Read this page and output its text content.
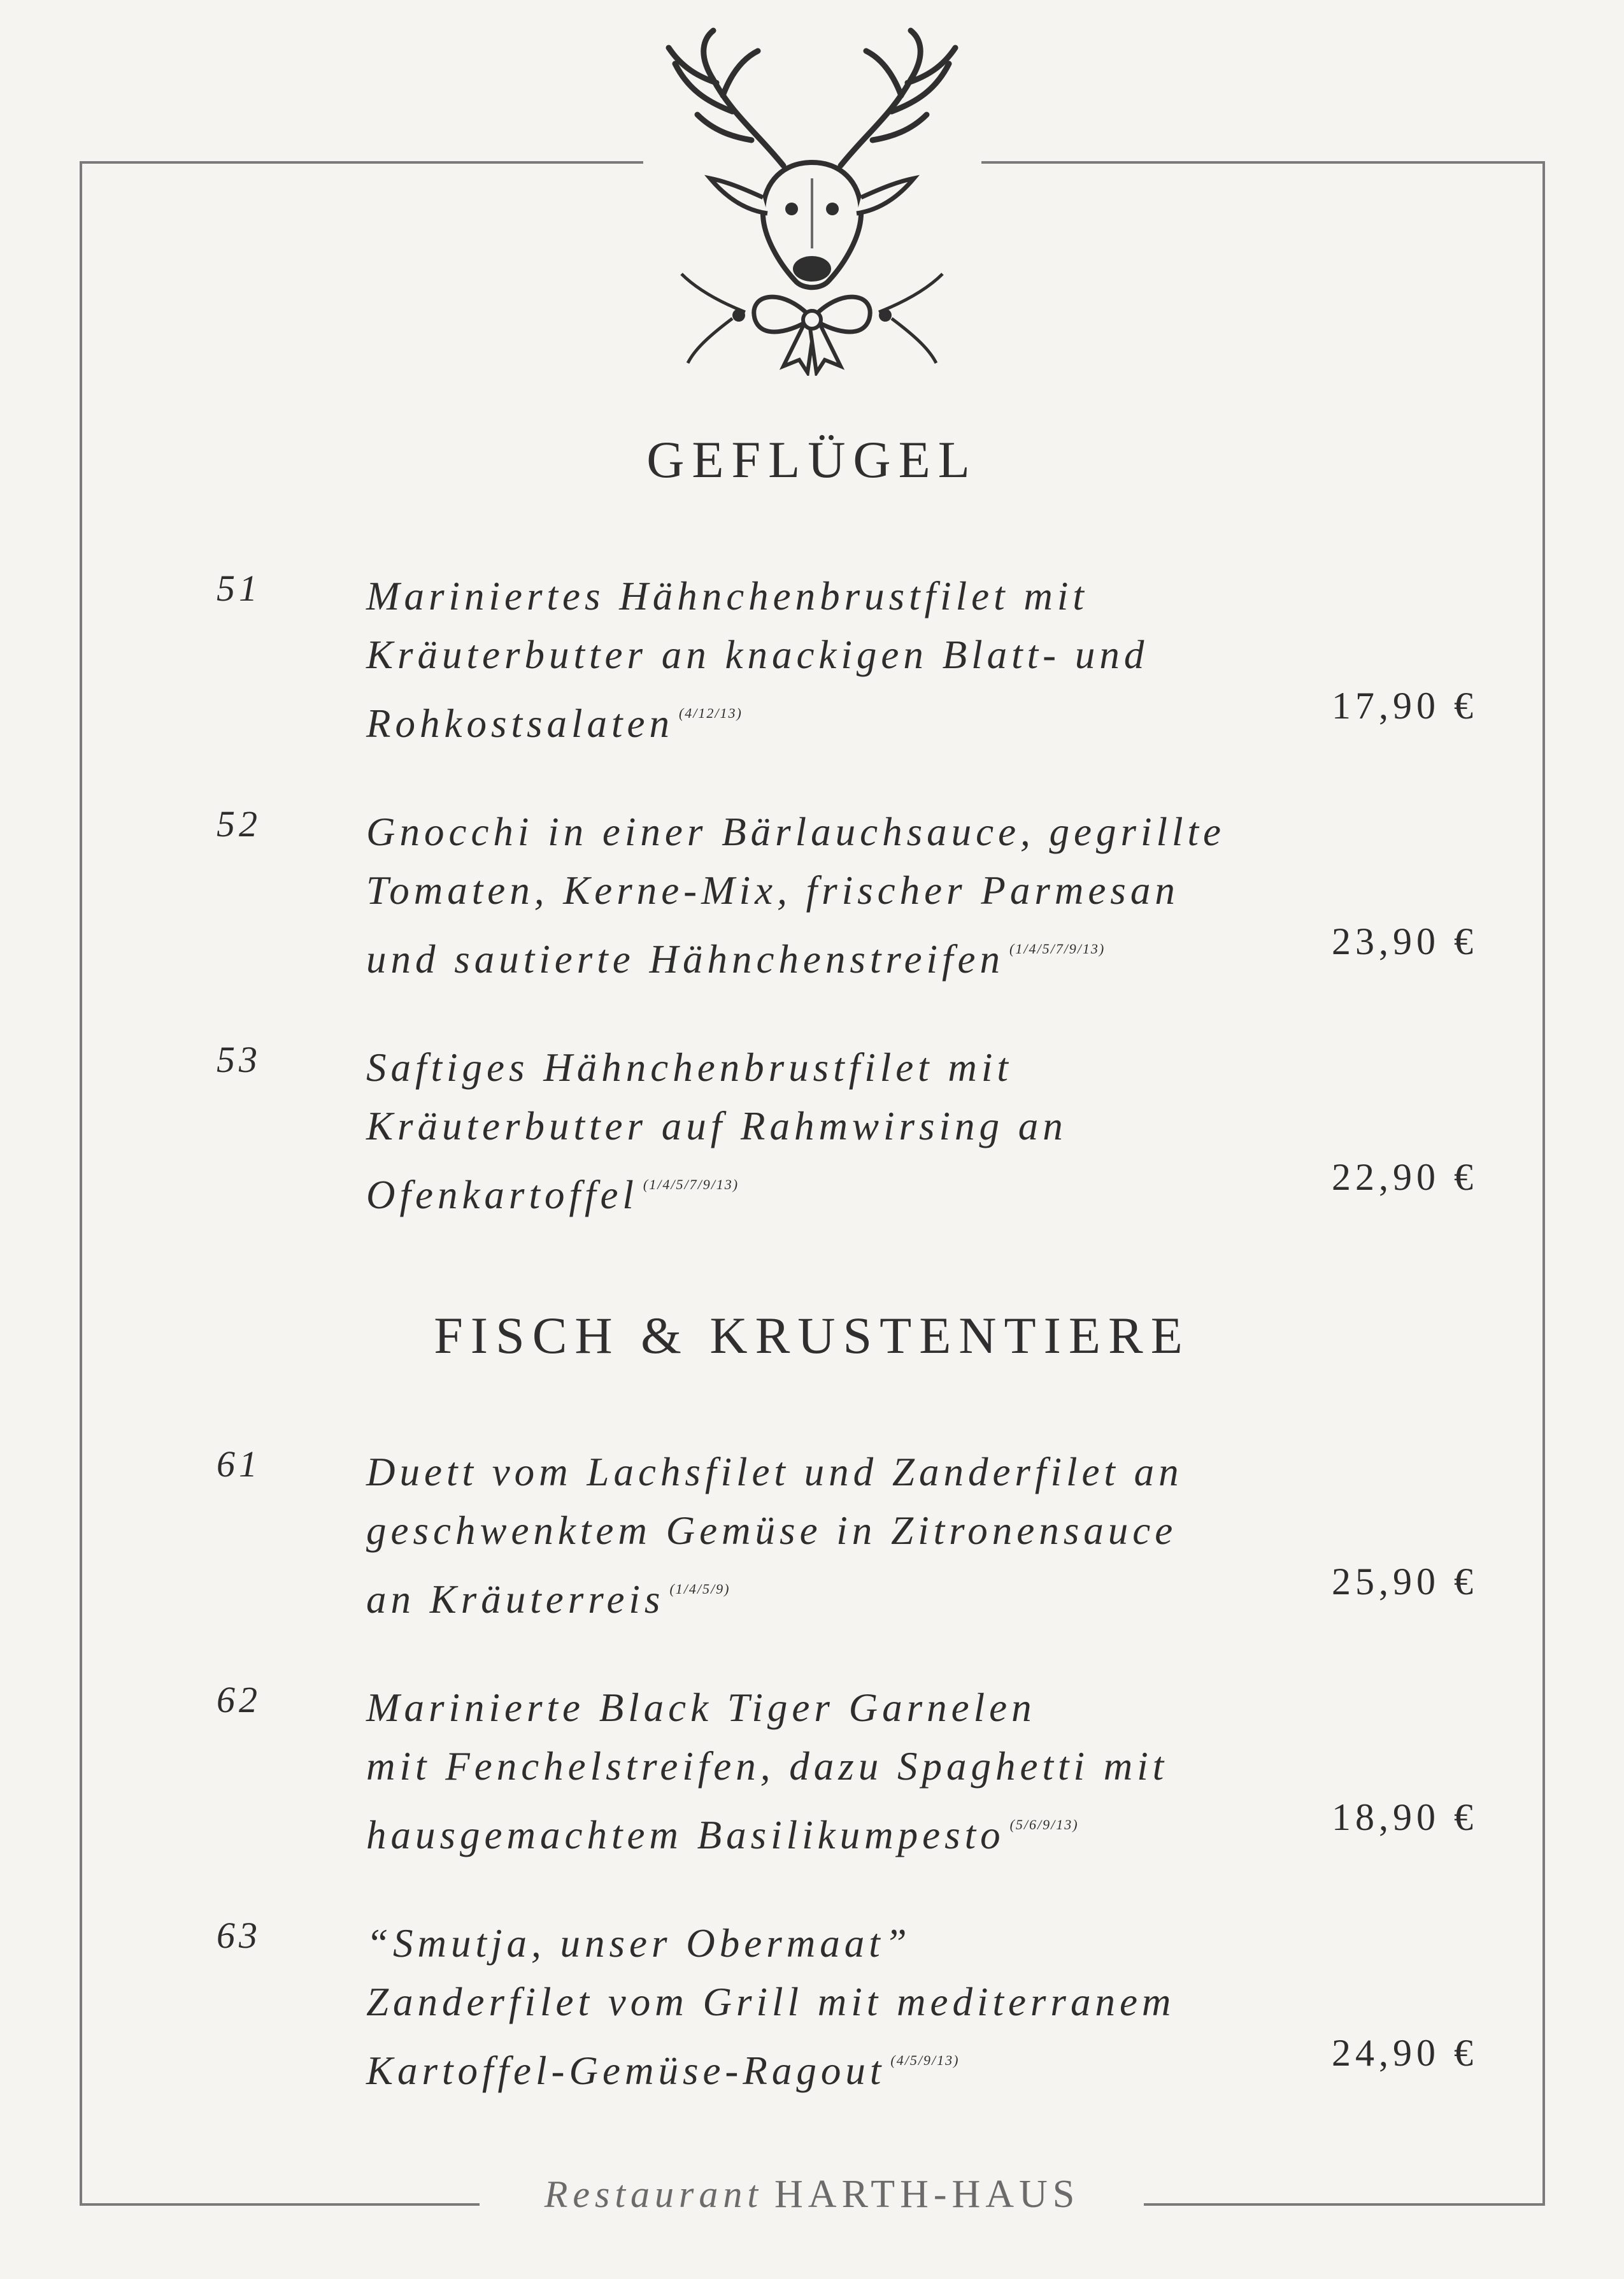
GEFLÜGEL
51	Mariniertes Hähnchenbrustfilet mit
Kräuterbutter an knackigen Blatt- und
Rohkostsalaten $^{(4/12/13)}$	17,90 €
52	Gnocchi in einer Bärlauchsauce, gegrillte
Tomaten, Kerne-Mix, frischer Parmesan
und sautierte Hähnchenstreifen $^{(1/4/5/7/9/13)}$	23,90 €
53	Saftiges Hähnchenbrustfilet mit
Kräuterbutter auf Rahmwirsing an
Ofenkartoffel $^{(1/4/5/7/9/13)}$	22,90 €
FISCH & KRUSTENTIERE
61	Duett vom Lachsfilet und Zanderfilet an
geschwenktem Gemüse in Zitronensauce
an Kräuterreis $^{(1/4/5/9)}$	25,90 €
62	Marinierte Black Tiger Garnelen
mit Fenchelstreifen, dazu Spaghetti mit
hausgemachtem Basilikumpesto $^{(5/6/9/13)}$	18,90 €
63	“Smutja, unser Obermaat”
Zanderfilet vom Grill mit mediterranem
Kartoffel-Gemüse-Ragout $^{(4/5/9/13)}$	24,90 €
Restaurant HARTH-HAUS
